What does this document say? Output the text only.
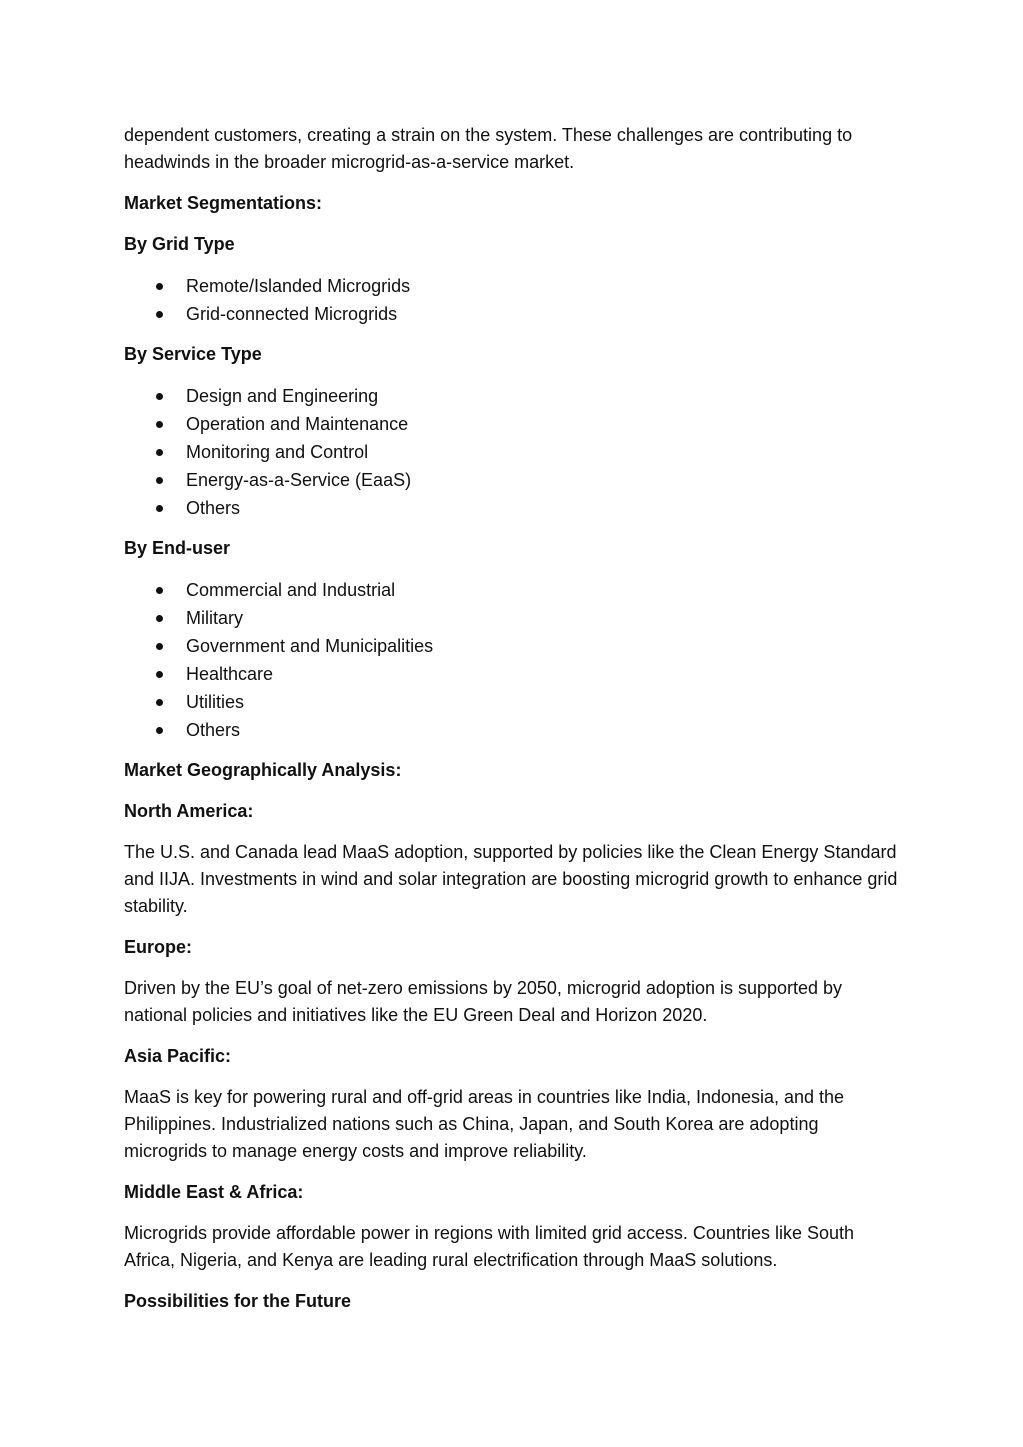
dependent customers, creating a strain on the system. These challenges are contributing to headwinds in the broader microgrid-as-a-service market.

Market Segmentations:

By Grid Type

Remote/Islanded Microgrids
Grid-connected Microgrids

By Service Type

Design and Engineering
Operation and Maintenance
Monitoring and Control
Energy-as-a-Service (EaaS)
Others

By End-user

Commercial and Industrial
Military
Government and Municipalities
Healthcare
Utilities
Others

Market Geographically Analysis:

North America:

The U.S. and Canada lead MaaS adoption, supported by policies like the Clean Energy Standard and IIJA. Investments in wind and solar integration are boosting microgrid growth to enhance grid stability.

Europe:

Driven by the EU’s goal of net-zero emissions by 2050, microgrid adoption is supported by national policies and initiatives like the EU Green Deal and Horizon 2020.

Asia Pacific:

MaaS is key for powering rural and off-grid areas in countries like India, Indonesia, and the Philippines. Industrialized nations such as China, Japan, and South Korea are adopting microgrids to manage energy costs and improve reliability.

Middle East & Africa:

Microgrids provide affordable power in regions with limited grid access. Countries like South Africa, Nigeria, and Kenya are leading rural electrification through MaaS solutions.

Possibilities for the Future
